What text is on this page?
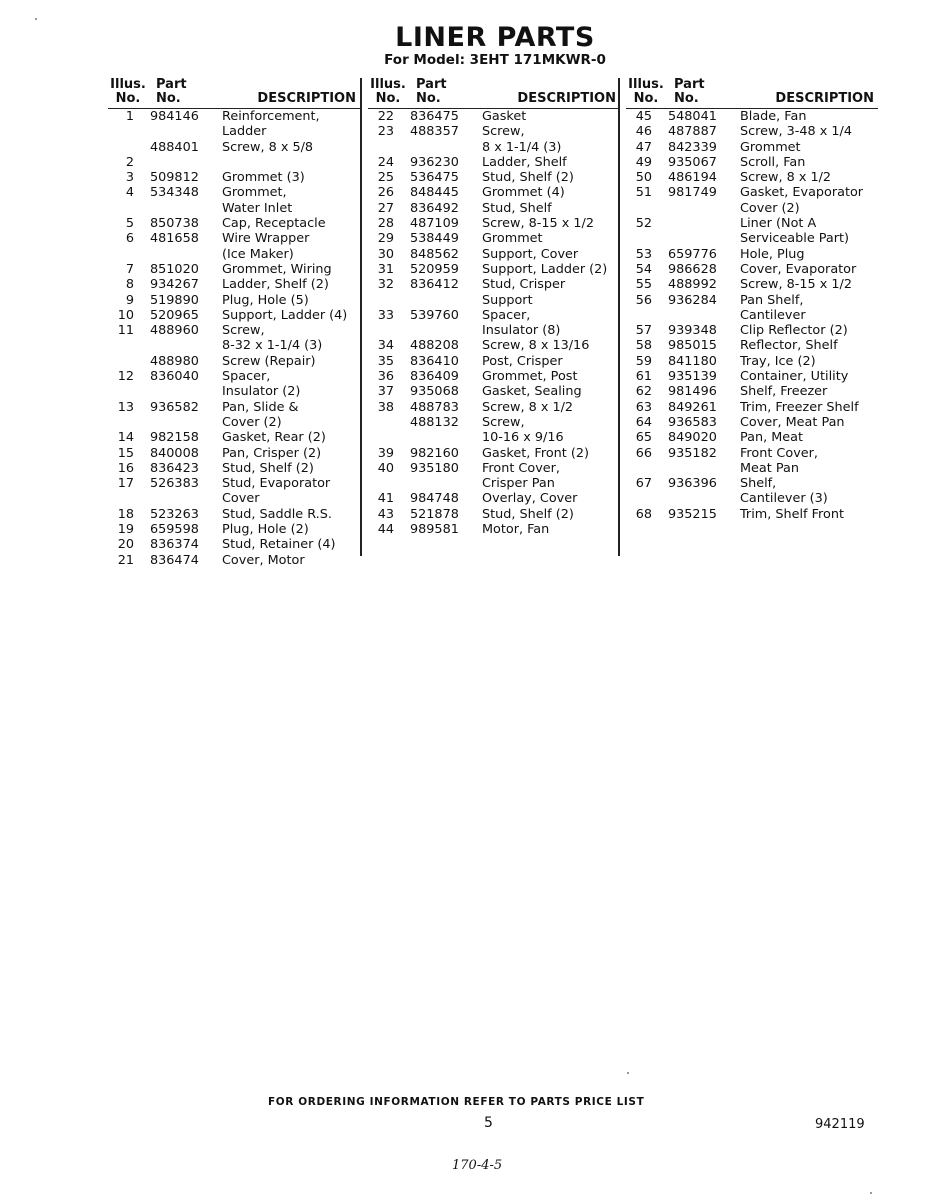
LINER PARTS
For Model: 3EHT 171MKWR-0
Illus.
No.
Part
No.	DESCRIPTION
1 984146 Reinforcement,
Ladder
488401 Screw, 8 x 5/8
2
3 509812 Grommet (3)
4 534348 Grommet,
Water Inlet
5 850738 Cap, Receptacle
6 481658 Wire Wrapper
(Ice Maker)
7 851020 Grommet, Wiring
8 934267 Ladder, Shelf (2)
9 519890 Plug, Hole (5)
10 520965 Support, Ladder (4)
11 488960 Screw,
8-32 x 1-1/4 (3)
488980 Screw (Repair)
12 836040 Spacer,
Insulator (2)
13 936582 Pan, Slide &
Cover (2)
14 982158 Gasket, Rear (2)
15 840008 Pan, Crisper (2)
16 836423 Stud, Shelf (2)
17 526383 Stud, Evaporator
Cover
18 523263 Stud, Saddle R.S.
19 659598 Plug, Hole (2)
20 836374 Stud, Retainer (4)
21 836474 Cover, Motor
Illus.
No.
Part
No.	DESCRIPTION
22 836475 Gasket
23 488357 Screw,
8 x 1-1/4 (3)
24 936230 Ladder, Shelf
25 536475 Stud, Shelf (2)
26 848445 Grommet (4)
27 836492 Stud, Shelf
28 487109 Screw, 8-15 x 1/2
29 538449 Grommet
30 848562 Support, Cover
31 520959 Support, Ladder (2)
32 836412 Stud, Crisper
Support
33 539760 Spacer,
Insulator (8)
34 488208 Screw, 8 x 13/16
35 836410 Post, Crisper
36 836409 Grommet, Post
37 935068 Gasket, Sealing
38 488783 Screw, 8 x 1/2
488132 Screw,
10-16 x 9/16
39 982160 Gasket, Front (2)
40 935180 Front Cover,
Crisper Pan
41 984748 Overlay, Cover
43 521878 Stud, Shelf (2)
44 989581 Motor, Fan
Illus.
No.
Part
No.	DESCRIPTION
45 548041 Blade, Fan
46 487887 Screw, 3-48 x 1/4
47 842339 Grommet
49 935067 Scroll, Fan
50 486194 Screw, 8 x 1/2
51 981749 Gasket, Evaporator
Cover (2)
52	Liner (Not A
Serviceable Part)
53 659776 Hole, Plug
54 986628 Cover, Evaporator
55 488992 Screw, 8-15 x 1/2
56 936284 Pan Shelf,
Cantilever
57 939348 Clip Reflector (2)
58 985015 Reflector, Shelf
59 841180 Tray, Ice (2)
61 935139 Container, Utility
62 981496 Shelf, Freezer
63 849261 Trim, Freezer Shelf
64 936583 Cover, Meat Pan
65 849020 Pan, Meat
66 935182 Front Cover,
Meat Pan
67 936396 Shelf,
Cantilever (3)
68 935215 Trim, Shelf Front
FOR ORDERING INFORMATION REFER TO PARTS PRICE LIST
5	942119
170-4-5
